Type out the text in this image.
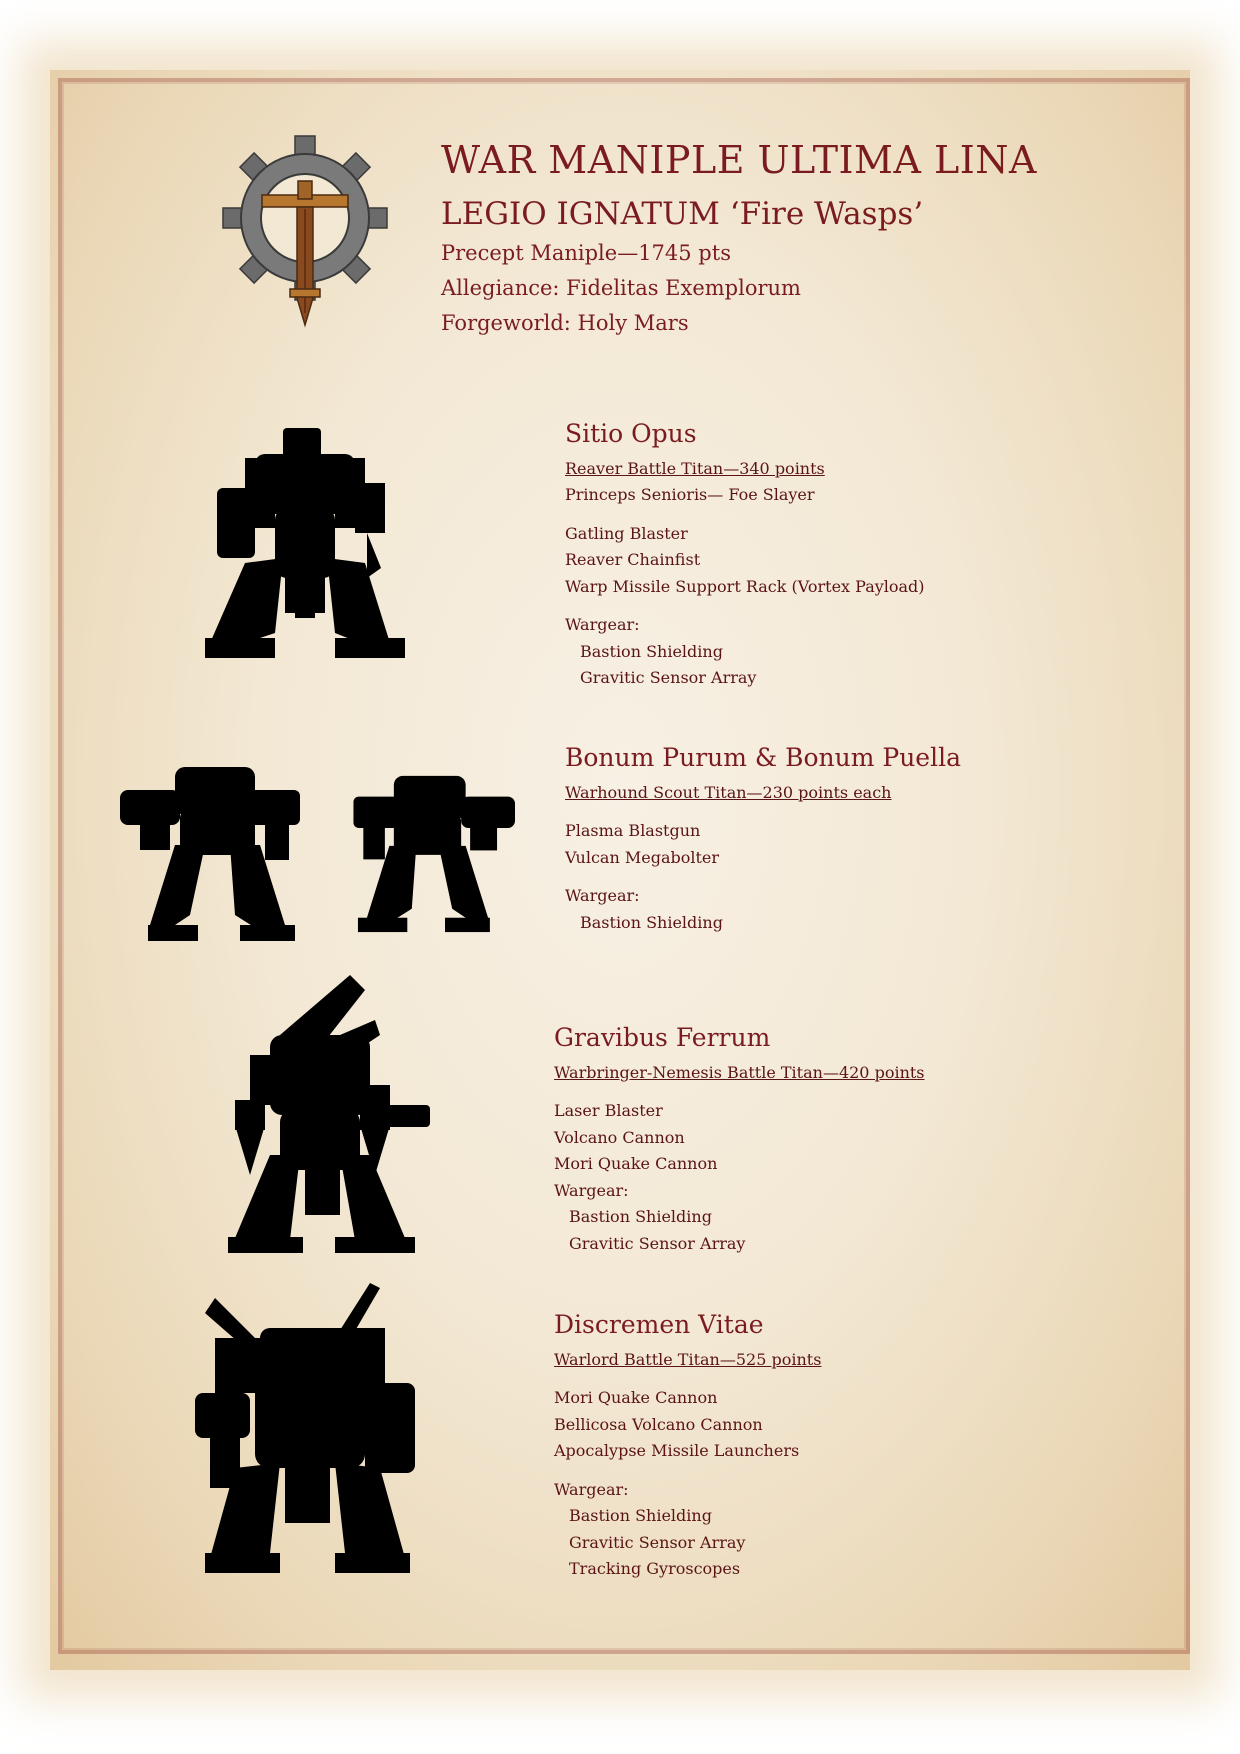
WAR MANIPLE ULTIMA LINA
LEGIO IGNATUM ‘Fire Wasps’
Precept Maniple—1745 pts
Allegiance: Fidelitas Exemplorum
Forgeworld: Holy Mars
Sitio Opus
Reaver Battle Titan—340 points
Princeps Senioris— Foe Slayer
Gatling Blaster
Reaver Chainfist
Warp Missile Support Rack (Vortex Payload)
Wargear:
Bastion Shielding
Gravitic Sensor Array
Bonum Purum & Bonum Puella
Warhound Scout Titan—230 points each
Plasma Blastgun
Vulcan Megabolter
Wargear:
Bastion Shielding
Gravibus Ferrum
Warbringer-Nemesis Battle Titan—420 points
Laser Blaster
Volcano Cannon
Mori Quake Cannon
Wargear:
Bastion Shielding
Gravitic Sensor Array
Discremen Vitae
Warlord Battle Titan—525 points
Mori Quake Cannon
Bellicosa Volcano Cannon
Apocalypse Missile Launchers
Wargear:
Bastion Shielding
Gravitic Sensor Array
Tracking Gyroscopes
